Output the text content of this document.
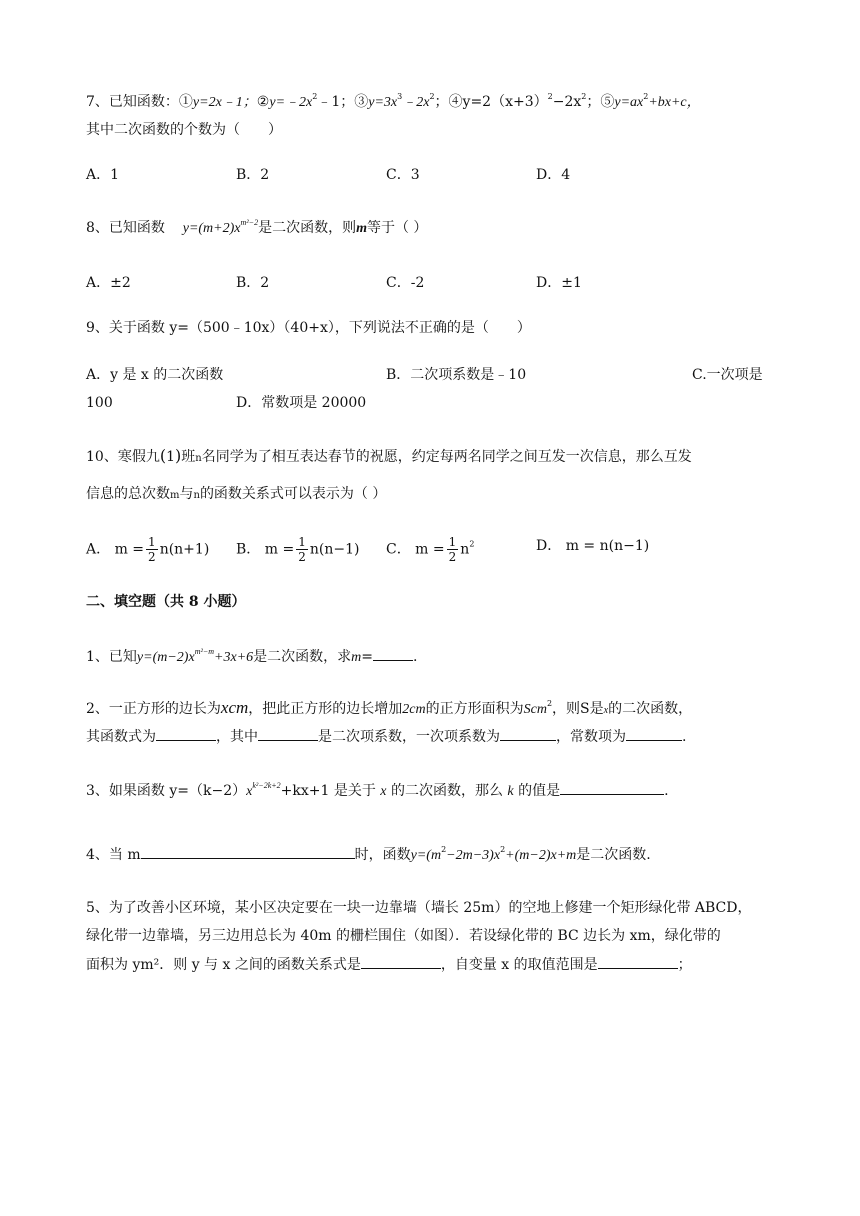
7、已知函数：①y=2x﹣1；$②y=﹣2x^2﹣1$；$③y=3x^3﹣2x^2$；$④y=2(x+3)^2-2x^2$；$⑤y=ax^2+bx+c$，
其中二次函数的个数为（　　）
A．1	B．2	C．3	D．4
8、已知函数 $y=(m+2)x^{m^2-2}$是二次函数，则m等于（ ）
A．±2	B．2	C．-2	D．±1
9、关于函数 y=（500﹣10x）（40+x），下列说法不正确的是（　　）
A．y 是 x 的二次函数	B．二次项系数是﹣10	C.一次项是
100	D．常数项是 20000
10、寒假九(1)班n名同学为了相互表达春节的祝愿，约定每两名同学之间互发一次信息，那么互发
信息的总次数m与n的函数关系式可以表示为（ ）
A． $m = \frac{1}{2} n(n+1)$ B． $m = \frac{1}{2} n(n-1)$ C． $m = \frac{1}{2} n^2$	D． m = n(n−1)
二、填空题（共 8 小题）
1、已知$y=(m-2)x^{m^2-m}+3x+6$是二次函数，求m=	.
2、一正方形的边长为xcm，把此正方形的边长增加2cm的正方形面积为Scm$^2$，则S是x的二次函数，
其函数式为	，其中	是二次项系数，一次项系数为	，常数项为	.
3、如果函数 $y=(k-2)x^{k^2-2k+2}+kx+1$ 是关于 x 的二次函数，那么 k 的值是	.
4、当 m	时，函数$y=(m^2-2m-3)x^2+(m-2)x+m$是二次函数.
5、为了改善小区环境，某小区决定要在一块一边靠墙（墙长 25m）的空地上修建一个矩形绿化带 ABCD，
绿化带一边靠墙，另三边用总长为 40m 的栅栏围住（如图）．若设绿化带的 BC 边长为 xm，绿化带的
面积为 ym²．则 y 与 x 之间的函数关系式是	，自变量 x 的取值范围是	；
